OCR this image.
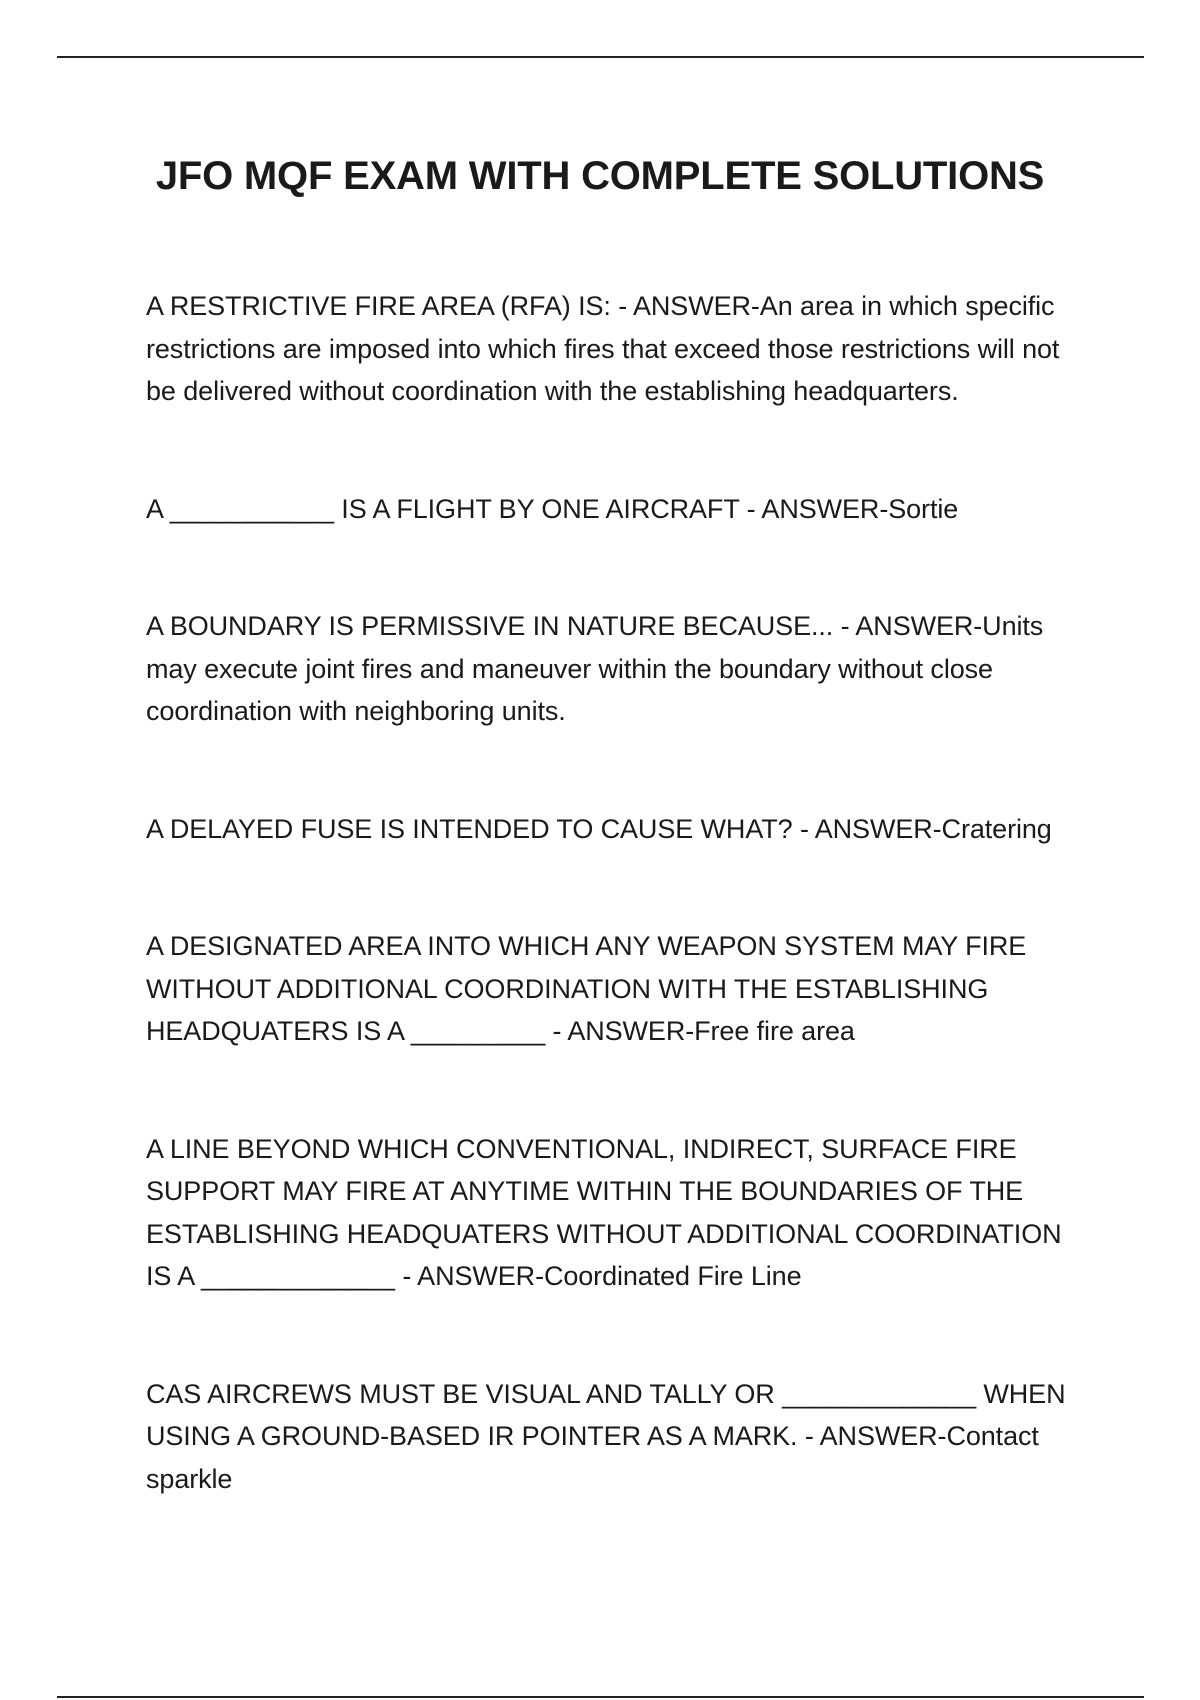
JFO MQF EXAM WITH COMPLETE SOLUTIONS
A RESTRICTIVE FIRE AREA (RFA) IS: - ANSWER-An area in which specific restrictions are imposed into which fires that exceed those restrictions will not be delivered without coordination with the establishing headquarters.
A ___________ IS A FLIGHT BY ONE AIRCRAFT - ANSWER-Sortie
A BOUNDARY IS PERMISSIVE IN NATURE BECAUSE... - ANSWER-Units may execute joint fires and maneuver within the boundary without close coordination with neighboring units.
A DELAYED FUSE IS INTENDED TO CAUSE WHAT? - ANSWER-Cratering
A DESIGNATED AREA INTO WHICH ANY WEAPON SYSTEM MAY FIRE WITHOUT ADDITIONAL COORDINATION WITH THE ESTABLISHING HEADQUATERS IS A _________ - ANSWER-Free fire area
A LINE BEYOND WHICH CONVENTIONAL, INDIRECT, SURFACE FIRE SUPPORT MAY FIRE AT ANYTIME WITHIN THE BOUNDARIES OF THE ESTABLISHING HEADQUATERS WITHOUT ADDITIONAL COORDINATION IS A _____________ - ANSWER-Coordinated Fire Line
CAS AIRCREWS MUST BE VISUAL AND TALLY OR _____________ WHEN USING A GROUND-BASED IR POINTER AS A MARK. - ANSWER-Contact sparkle
